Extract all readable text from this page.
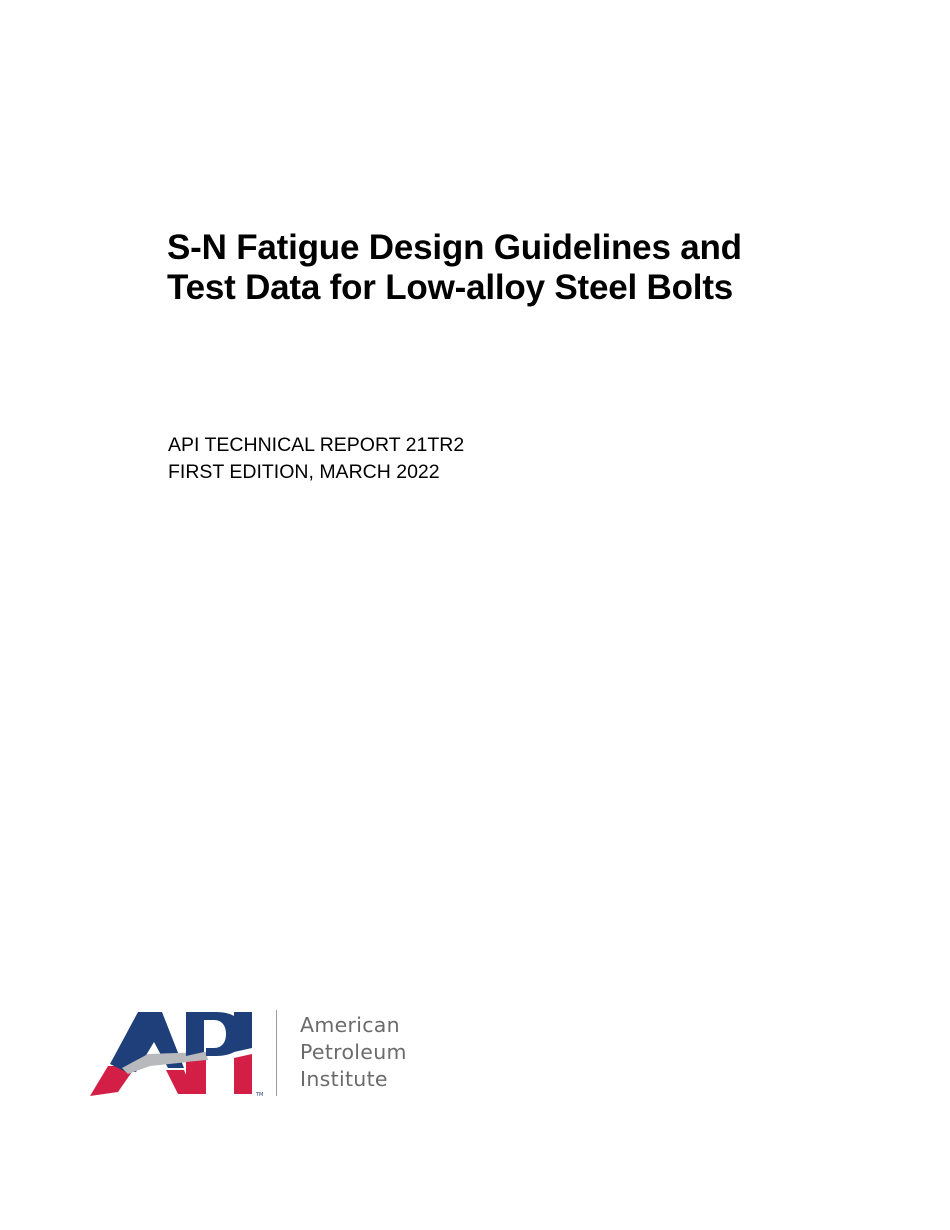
S-N Fatigue Design Guidelines and
Test Data for Low-alloy Steel Bolts
API TECHNICAL REPORT 21TR2
FIRST EDITION, MARCH 2022
TM
American
Petroleum
Institute
